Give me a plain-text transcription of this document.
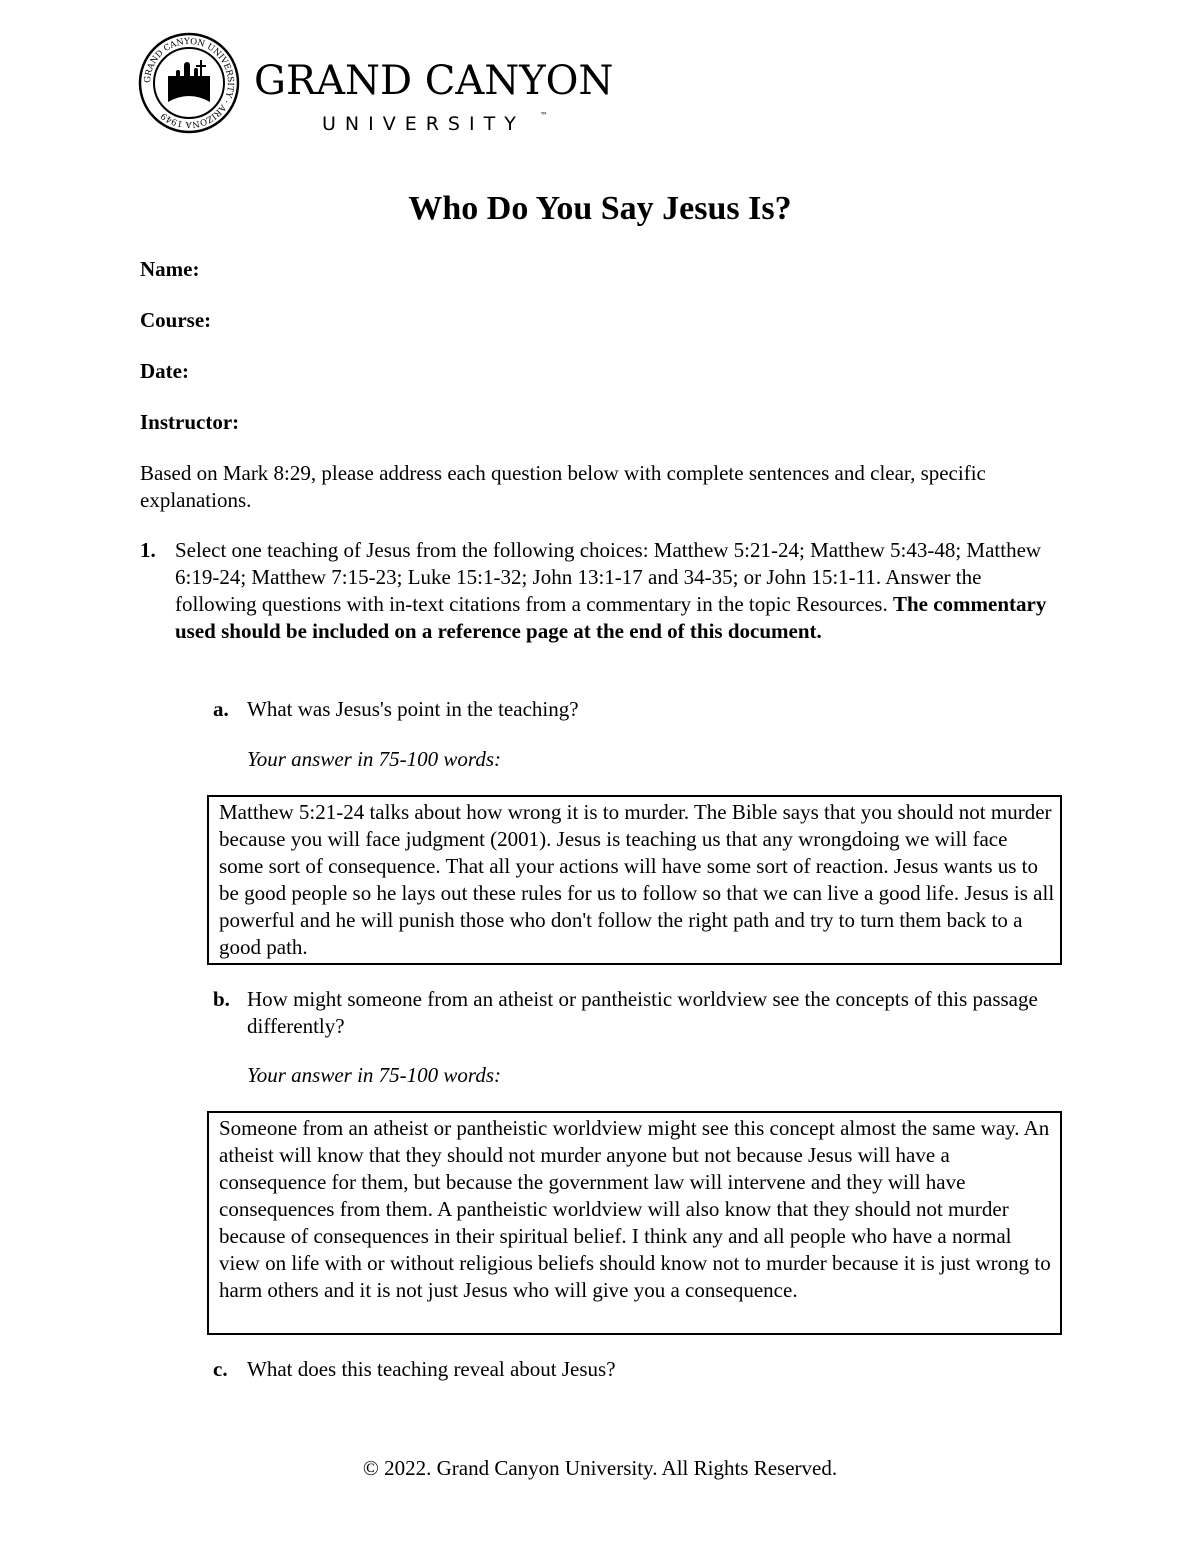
GRAND CANYON UNIVERSITY · ARIZONA 1949
GRAND CANYON
UNIVERSITY ™
Who Do You Say Jesus Is?
Name:
Course:
Date:
Instructor:
Based on Mark 8:29, please address each question below with complete sentences and clear, specific explanations.
1. Select one teaching of Jesus from the following choices: Matthew 5:21-24; Matthew 5:43-48; Matthew 6:19-24; Matthew 7:15-23; Luke 15:1-32; John 13:1-17 and 34-35; or John 15:1-11. Answer the following questions with in-text citations from a commentary in the topic Resources. The commentary used should be included on a reference page at the end of this document.
a. What was Jesus's point in the teaching?
Your answer in 75-100 words:
Matthew 5:21-24 talks about how wrong it is to murder. The Bible says that you should not murder because you will face judgment (2001). Jesus is teaching us that any wrongdoing we will face some sort of consequence. That all your actions will have some sort of reaction. Jesus wants us to be good people so he lays out these rules for us to follow so that we can live a good life. Jesus is all powerful and he will punish those who don't follow the right path and try to turn them back to a good path.
b. How might someone from an atheist or pantheistic worldview see the concepts of this passage differently?
Your answer in 75-100 words:
Someone from an atheist or pantheistic worldview might see this concept almost the same way. An atheist will know that they should not murder anyone but not because Jesus will have a consequence for them, but because the government law will intervene and they will have consequences from them. A pantheistic worldview will also know that they should not murder because of consequences in their spiritual belief. I think any and all people who have a normal view on life with or without religious beliefs should know not to murder because it is just wrong to harm others and it is not just Jesus who will give you a consequence.
c. What does this teaching reveal about Jesus?
© 2022. Grand Canyon University. All Rights Reserved.
